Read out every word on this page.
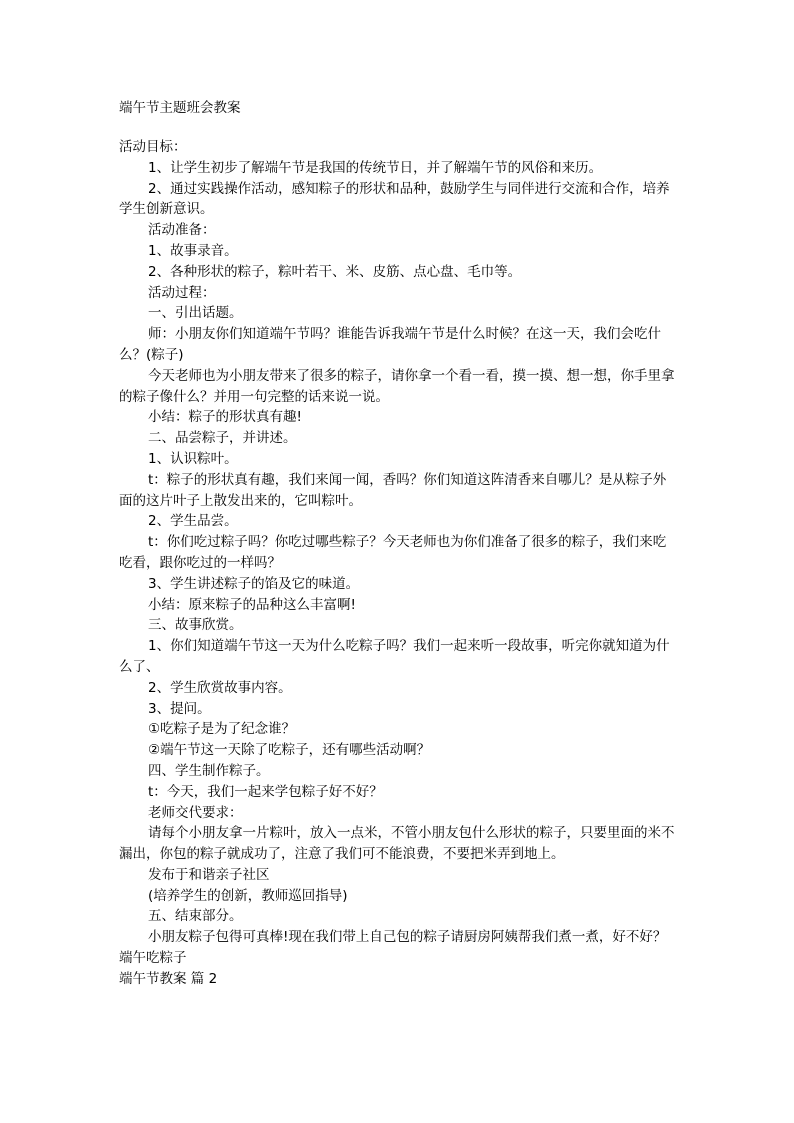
端午节主题班会教案

活动目标：

1、让学生初步了解端午节是我国的传统节日，并了解端午节的风俗和来历。

2、通过实践操作活动，感知粽子的形状和品种，鼓励学生与同伴进行交流和合作，培养学生创新意识。

活动准备：

1、故事录音。

2、各种形状的粽子，粽叶若干、米、皮筋、点心盘、毛巾等。

活动过程：

一、引出话题。

师：小朋友你们知道端午节吗？谁能告诉我端午节是什么时候？在这一天，我们会吃什么？(粽子)

今天老师也为小朋友带来了很多的粽子，请你拿一个看一看，摸一摸、想一想，你手里拿的粽子像什么？并用一句完整的话来说一说。

小结：粽子的形状真有趣!

二、品尝粽子，并讲述。

1、认识粽叶。

t：粽子的形状真有趣，我们来闻一闻，香吗？你们知道这阵清香来自哪儿？是从粽子外面的这片叶子上散发出来的，它叫粽叶。

2、学生品尝。

t：你们吃过粽子吗？你吃过哪些粽子？今天老师也为你们准备了很多的粽子，我们来吃吃看，跟你吃过的一样吗？

3、学生讲述粽子的馅及它的味道。

小结：原来粽子的品种这么丰富啊!

三、故事欣赏。

1、你们知道端午节这一天为什么吃粽子吗？我们一起来听一段故事，听完你就知道为什么了、

2、学生欣赏故事内容。

3、提问。

①吃粽子是为了纪念谁？

②端午节这一天除了吃粽子，还有哪些活动啊？

四、学生制作粽子。

t：今天，我们一起来学包粽子好不好？

老师交代要求：

请每个小朋友拿一片粽叶，放入一点米，不管小朋友包什么形状的粽子，只要里面的米不漏出，你包的粽子就成功了，注意了我们可不能浪费，不要把米弄到地上。

发布于和谐亲子社区

(培养学生的创新，教师巡回指导)

五、结束部分。

小朋友粽子包得可真棒!现在我们带上自己包的粽子请厨房阿姨帮我们煮一煮，好不好？

端午吃粽子

端午节教案 篇 2
